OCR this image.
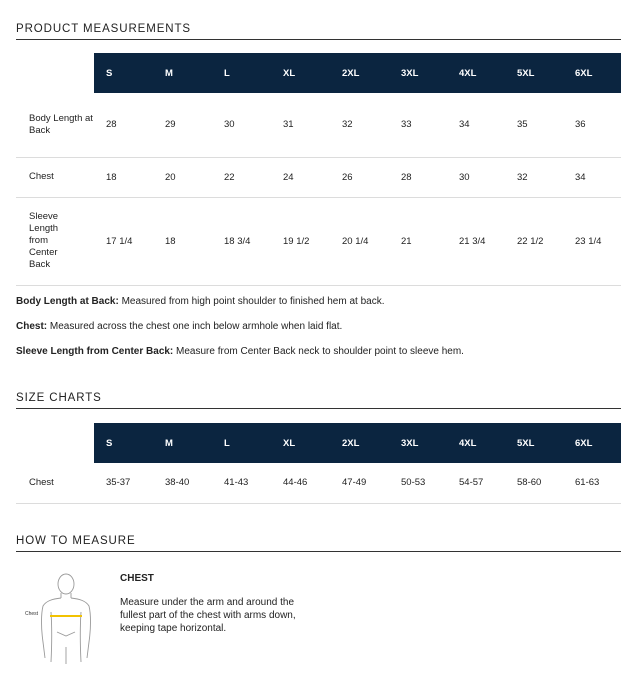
PRODUCT MEASUREMENTS
	S	M	L	XL	2XL	3XL	4XL	5XL	6XL
Body Length at Back	28	29	30	31	32	33	34	35	36
Chest	18	20	22	24	26	28	30	32	34
Sleeve Length from Center Back	17 1/4	18	18 3/4	19 1/2	20 1/4	21	21 3/4	22 1/2	23 1/4

Body Length at Back: Measured from high point shoulder to finished hem at back.

Chest: Measured across the chest one inch below armhole when laid flat.

Sleeve Length from Center Back: Measure from Center Back neck to shoulder point to sleeve hem.

SIZE CHARTS
	S	M	L	XL	2XL	3XL	4XL	5XL	6XL
Chest	35-37	38-40	41-43	44-46	47-49	50-53	54-57	58-60	61-63
HOW TO MEASURE
Chest

CHEST

Measure under the arm and around the fullest part of the chest with arms down, keeping tape horizontal.
